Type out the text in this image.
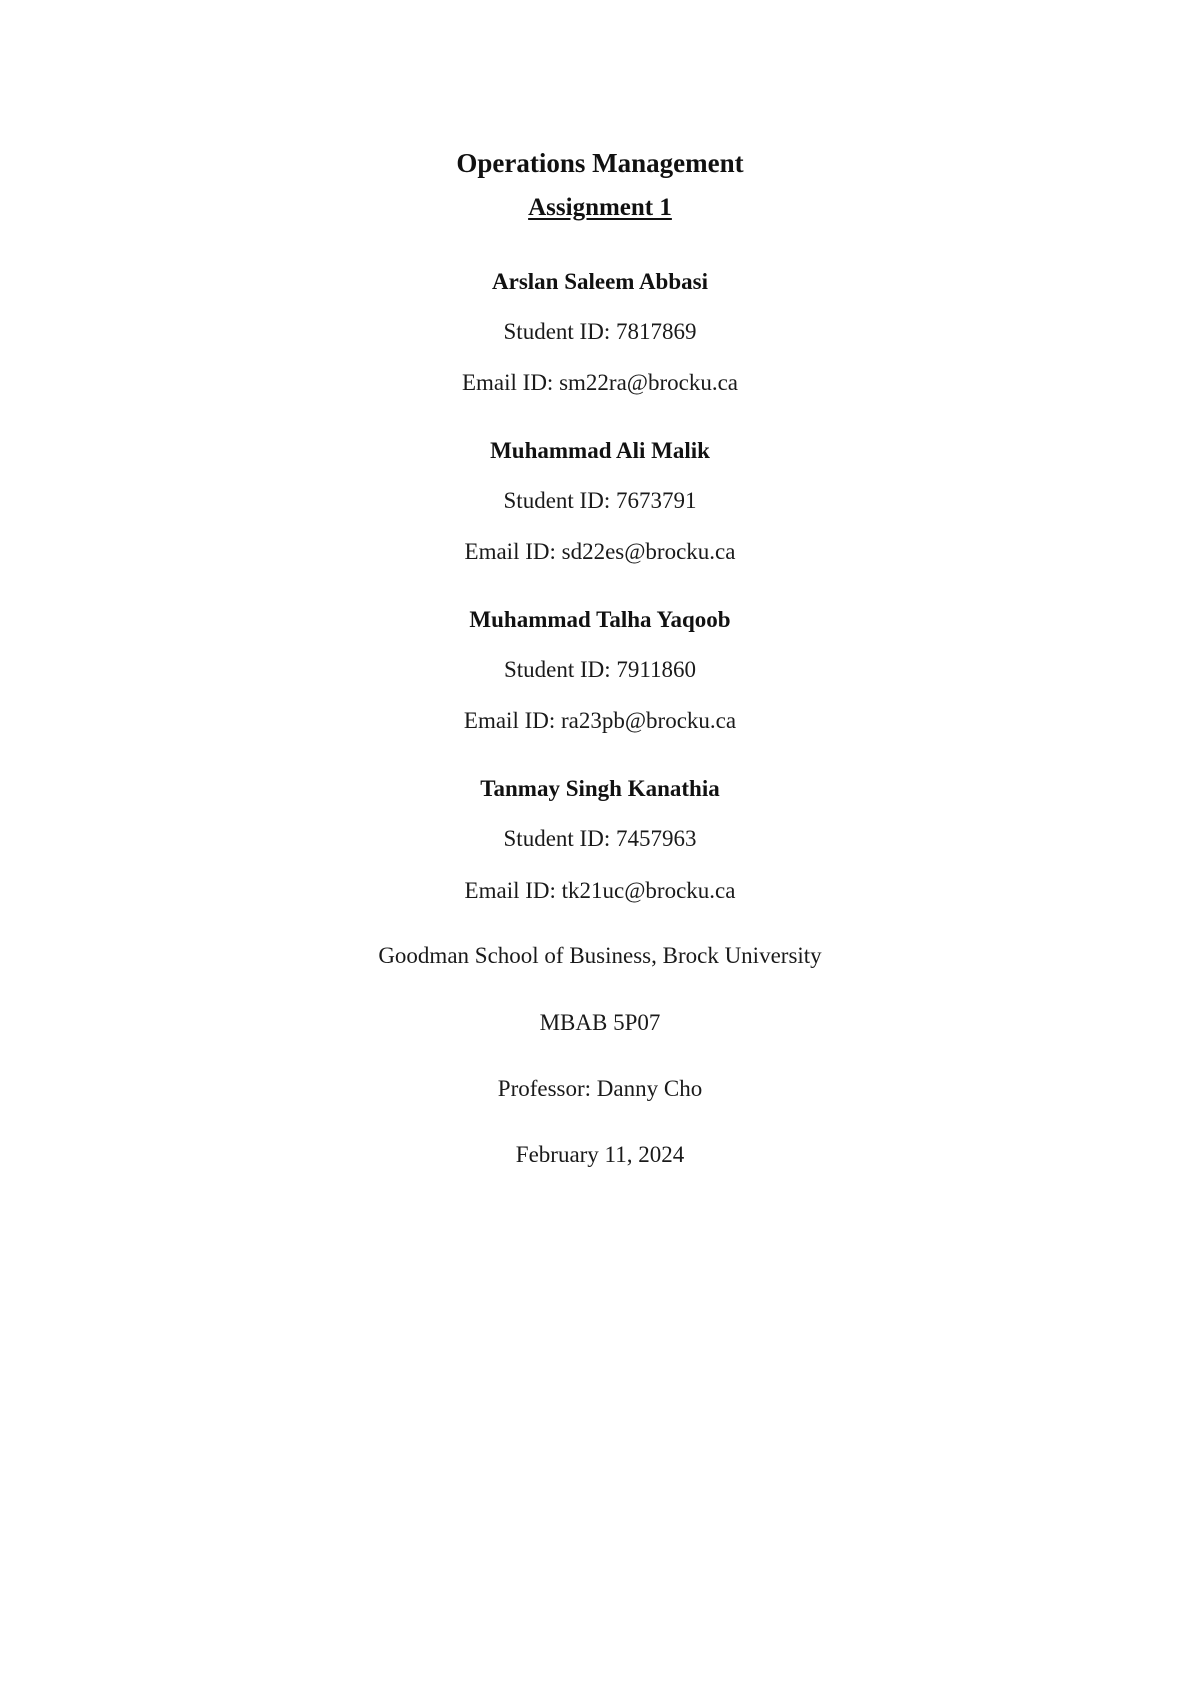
Operations Management
Assignment 1
Arslan Saleem Abbasi
Student ID: 7817869
Email ID: sm22ra@brocku.ca
Muhammad Ali Malik
Student ID: 7673791
Email ID: sd22es@brocku.ca
Muhammad Talha Yaqoob
Student ID: 7911860
Email ID: ra23pb@brocku.ca
Tanmay Singh Kanathia
Student ID: 7457963
Email ID: tk21uc@brocku.ca
Goodman School of Business, Brock University
MBAB 5P07
Professor: Danny Cho
February 11, 2024
